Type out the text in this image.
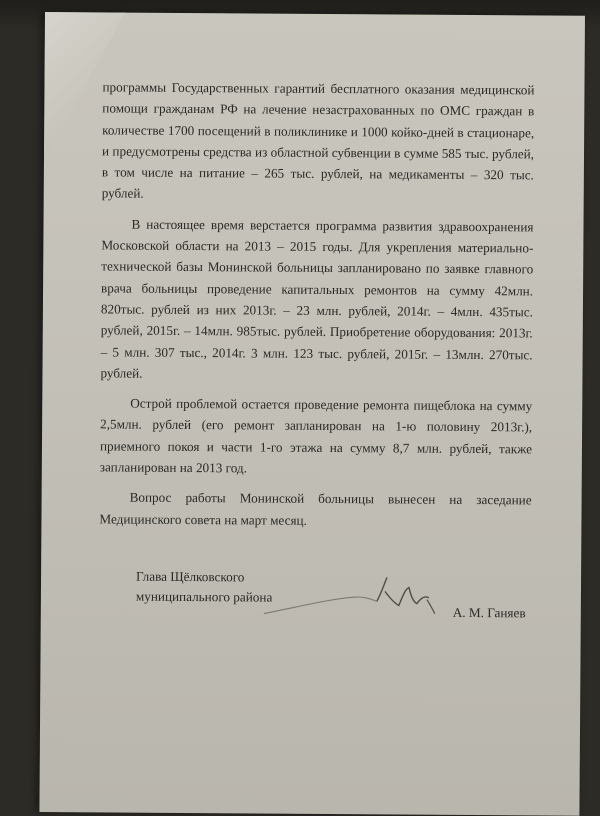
программы Государственных гарантий бесплатного оказания медицинской помощи гражданам РФ на лечение незастрахованных по ОМС граждан в количестве 1700 посещений в поликлинике и 1000 койко-дней в стационаре, и предусмотрены средства из областной субвенции в сумме 585 тыс. рублей, в том числе на питание – 265 тыс. рублей, на медикаменты – 320 тыс. рублей.

В настоящее время верстается программа развития здравоохранения Московской области на 2013 – 2015 годы. Для укрепления материально-технической базы Монинской больницы запланировано по заявке главного врача больницы проведение капитальных ремонтов на сумму 42млн. 820тыс. рублей из них 2013г. – 23 млн. рублей, 2014г. – 4млн. 435тыс. рублей, 2015г. – 14млн. 985тыс. рублей. Приобретение оборудования: 2013г. – 5 млн. 307 тыс., 2014г. 3 млн. 123 тыс. рублей, 2015г. – 13млн. 270тыс. рублей.

Острой проблемой остается проведение ремонта пищеблока на сумму 2,5млн. рублей (его ремонт запланирован на 1-ю половину 2013г.), приемного покоя и части 1-го этажа на сумму 8,7 млн. рублей, также запланирован на 2013 год.

Вопрос работы Монинской больницы вынесен на заседание Медицинского совета на март месяц.

Глава Щёлковского
муниципального района
А. М. Ганяев
